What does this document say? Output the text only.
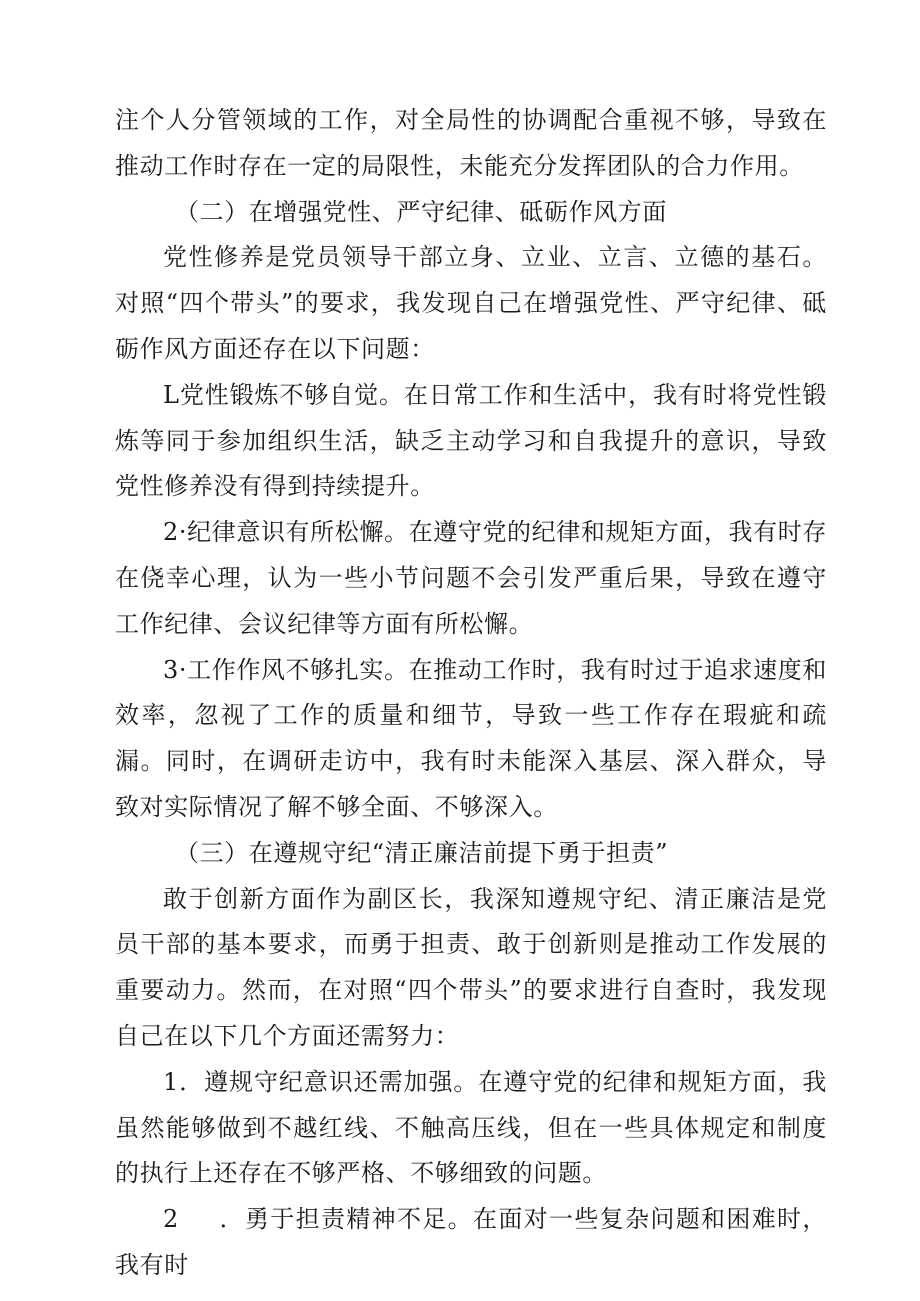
注个人分管领域的工作，对全局性的协调配合重视不够，导致在推动工作时存在一定的局限性，未能充分发挥团队的合力作用。

（二）在增强党性、严守纪律、砥砺作风方面

党性修养是党员领导干部立身、立业、立言、立德的基石。对照“四个带头”的要求，我发现自己在增强党性、严守纪律、砥砺作风方面还存在以下问题：

L党性锻炼不够自觉。在日常工作和生活中，我有时将党性锻炼等同于参加组织生活，缺乏主动学习和自我提升的意识，导致党性修养没有得到持续提升。

2·纪律意识有所松懈。在遵守党的纪律和规矩方面，我有时存在侥幸心理，认为一些小节问题不会引发严重后果，导致在遵守工作纪律、会议纪律等方面有所松懈。

3·工作作风不够扎实。在推动工作时，我有时过于追求速度和效率，忽视了工作的质量和细节，导致一些工作存在瑕疵和疏漏。同时，在调研走访中，我有时未能深入基层、深入群众，导致对实际情况了解不够全面、不够深入。

（三）在遵规守纪“清正廉洁前提下勇于担责”

敢于创新方面作为副区长，我深知遵规守纪、清正廉洁是党员干部的基本要求，而勇于担责、敢于创新则是推动工作发展的重要动力。然而，在对照“四个带头”的要求进行自查时，我发现自己在以下几个方面还需努力：

1．遵规守纪意识还需加强。在遵守党的纪律和规矩方面，我虽然能够做到不越红线、不触高压线，但在一些具体规定和制度的执行上还存在不够严格、不够细致的问题。

2 ．勇于担责精神不足。在面对一些复杂问题和困难时，我有时
